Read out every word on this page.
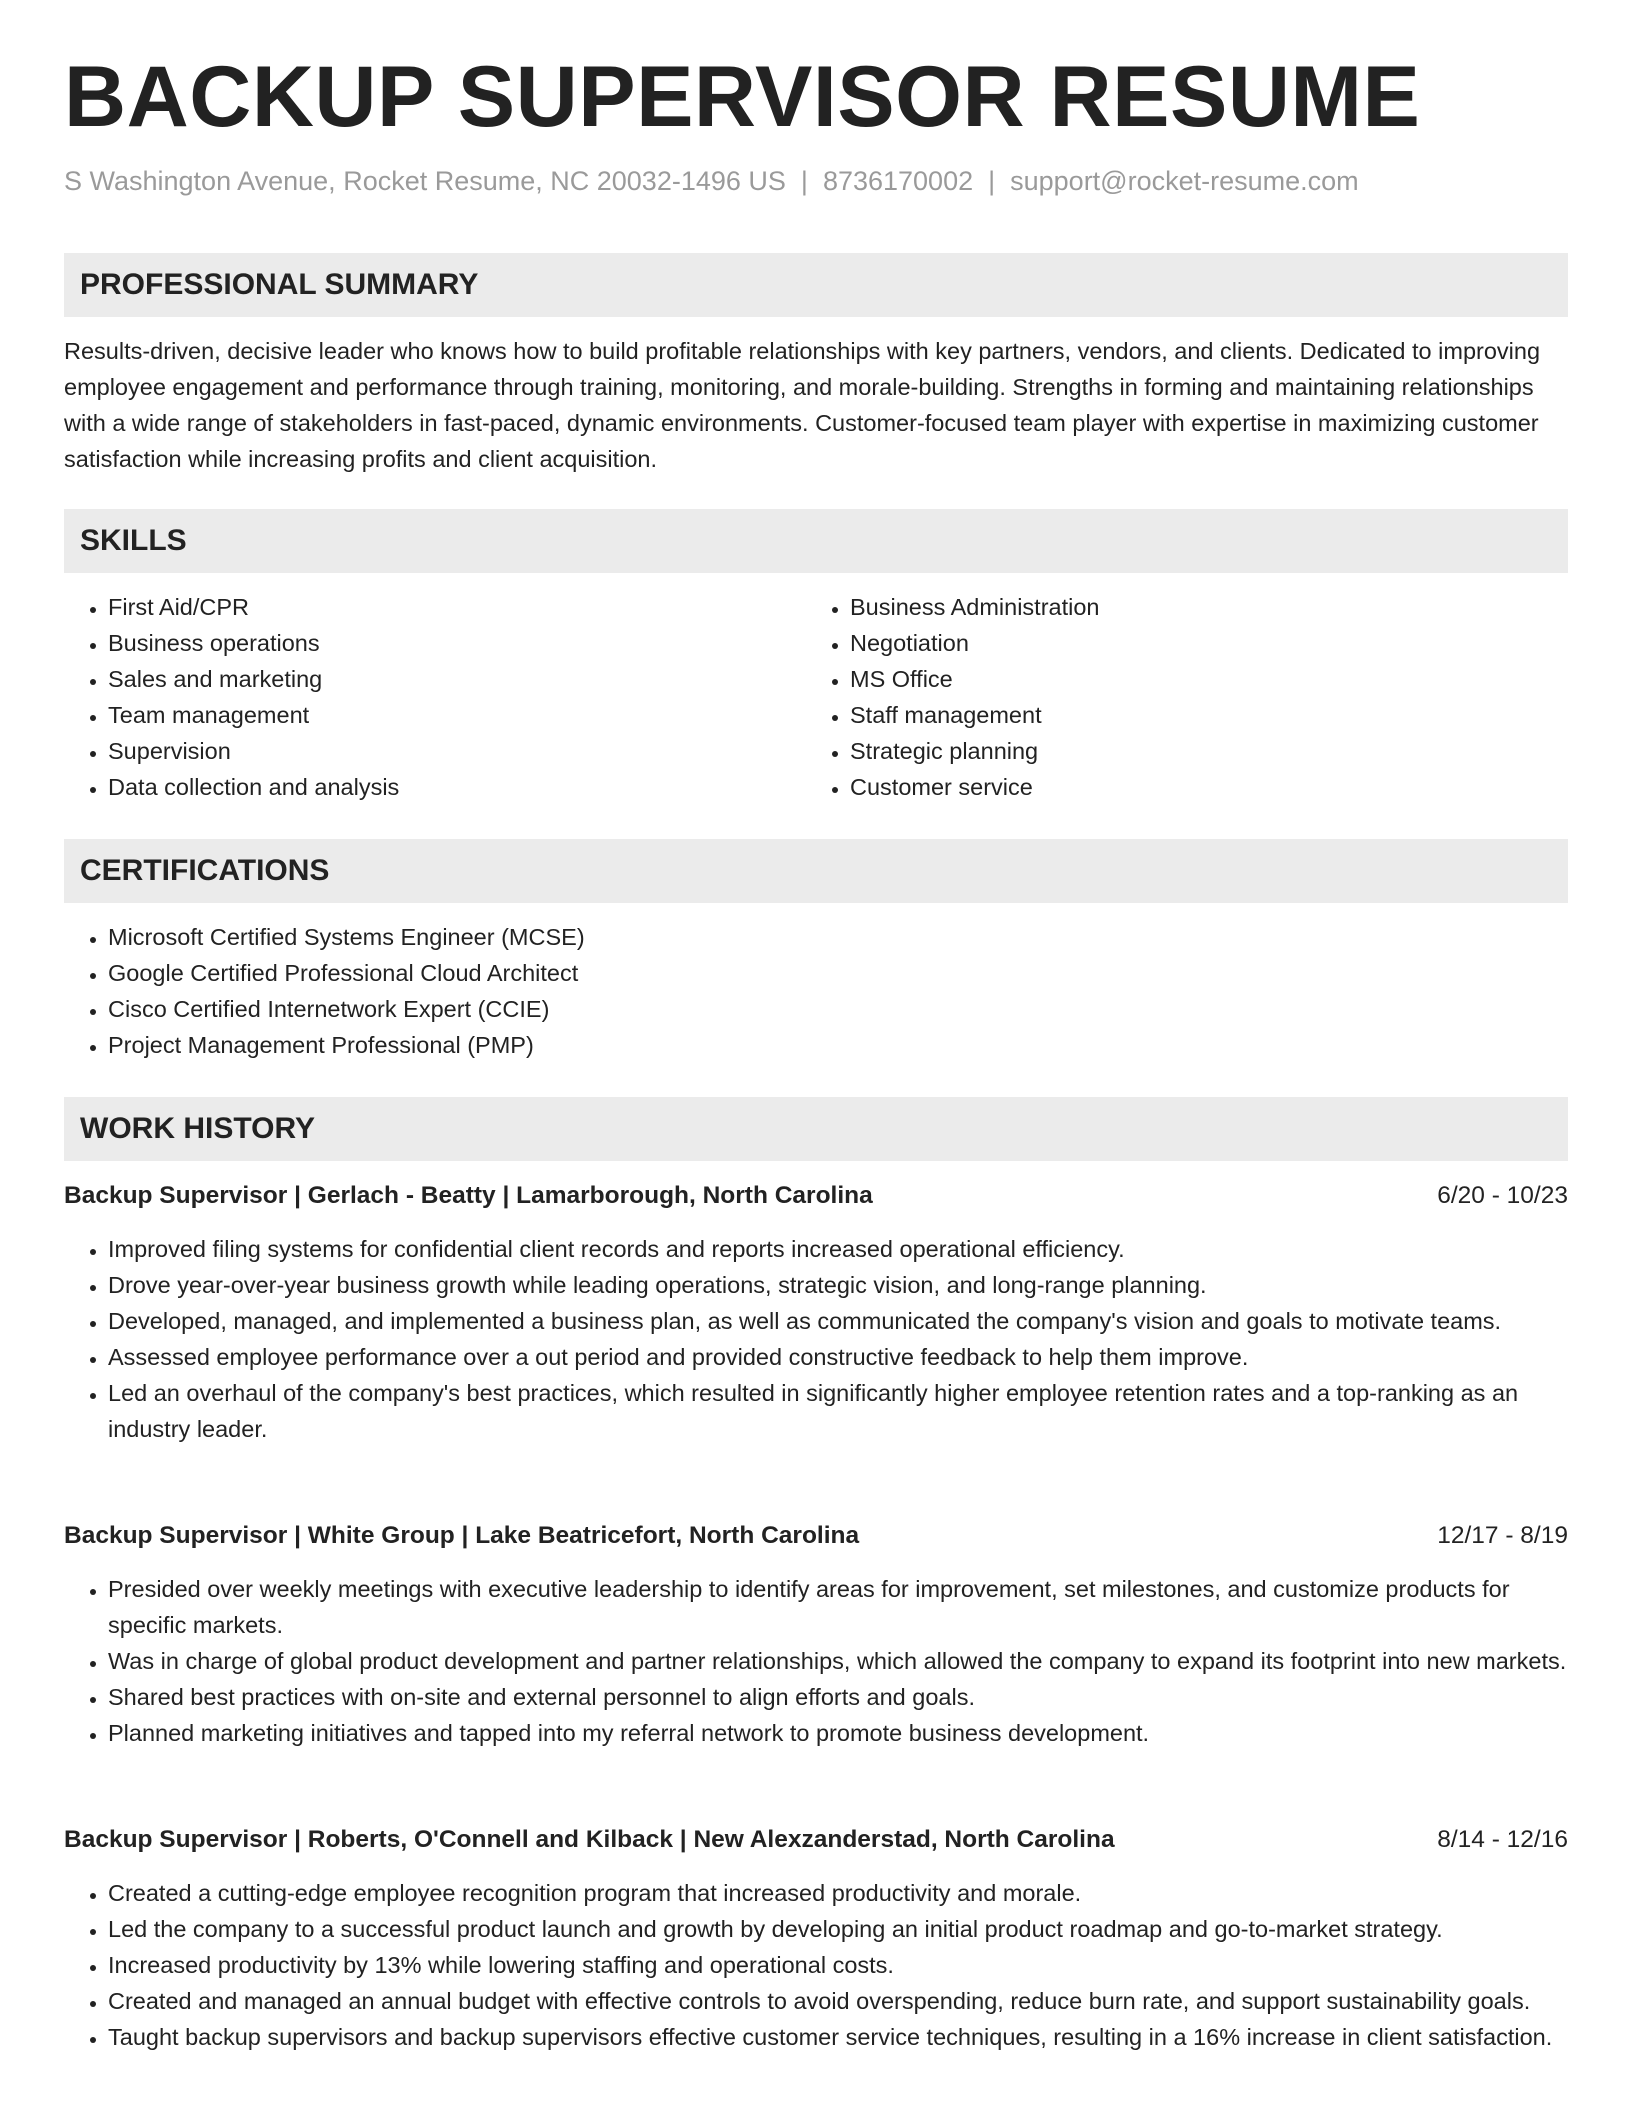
BACKUP SUPERVISOR RESUME
S Washington Avenue, Rocket Resume, NC 20032-1496 US | 8736170002 | support@rocket-resume.com
PROFESSIONAL SUMMARY

Results-driven, decisive leader who knows how to build profitable relationships with key partners, vendors, and clients. Dedicated to improving employee engagement and performance through training, monitoring, and morale-building. Strengths in forming and maintaining relationships with a wide range of stakeholders in fast-paced, dynamic environments. Customer-focused team player with expertise in maximizing customer satisfaction while increasing profits and client acquisition.

SKILLS
• First Aid/CPR
• Business operations
• Sales and marketing
• Team management
• Supervision
• Data collection and analysis
• Business Administration
• Negotiation
• MS Office
• Staff management
• Strategic planning
• Customer service
CERTIFICATIONS
• Microsoft Certified Systems Engineer (MCSE)
• Google Certified Professional Cloud Architect
• Cisco Certified Internetwork Expert (CCIE)
• Project Management Professional (PMP)
WORK HISTORY
Backup Supervisor | Gerlach - Beatty | Lamarborough, North Carolina	6/20 - 10/23
• Improved filing systems for confidential client records and reports increased operational efficiency.
• Drove year-over-year business growth while leading operations, strategic vision, and long-range planning.
• Developed, managed, and implemented a business plan, as well as communicated the company's vision and goals to motivate teams.
• Assessed employee performance over a out period and provided constructive feedback to help them improve.
• Led an overhaul of the company's best practices, which resulted in significantly higher employee retention rates and a top-ranking as an industry leader.
Backup Supervisor | White Group | Lake Beatricefort, North Carolina	12/17 - 8/19
• Presided over weekly meetings with executive leadership to identify areas for improvement, set milestones, and customize products for specific markets.
• Was in charge of global product development and partner relationships, which allowed the company to expand its footprint into new markets.
• Shared best practices with on-site and external personnel to align efforts and goals.
• Planned marketing initiatives and tapped into my referral network to promote business development.
Backup Supervisor | Roberts, O'Connell and Kilback | New Alexzanderstad, North Carolina	8/14 - 12/16
• Created a cutting-edge employee recognition program that increased productivity and morale.
• Led the company to a successful product launch and growth by developing an initial product roadmap and go-to-market strategy.
• Increased productivity by 13% while lowering staffing and operational costs.
• Created and managed an annual budget with effective controls to avoid overspending, reduce burn rate, and support sustainability goals.
• Taught backup supervisors and backup supervisors effective customer service techniques, resulting in a 16% increase in client satisfaction.
